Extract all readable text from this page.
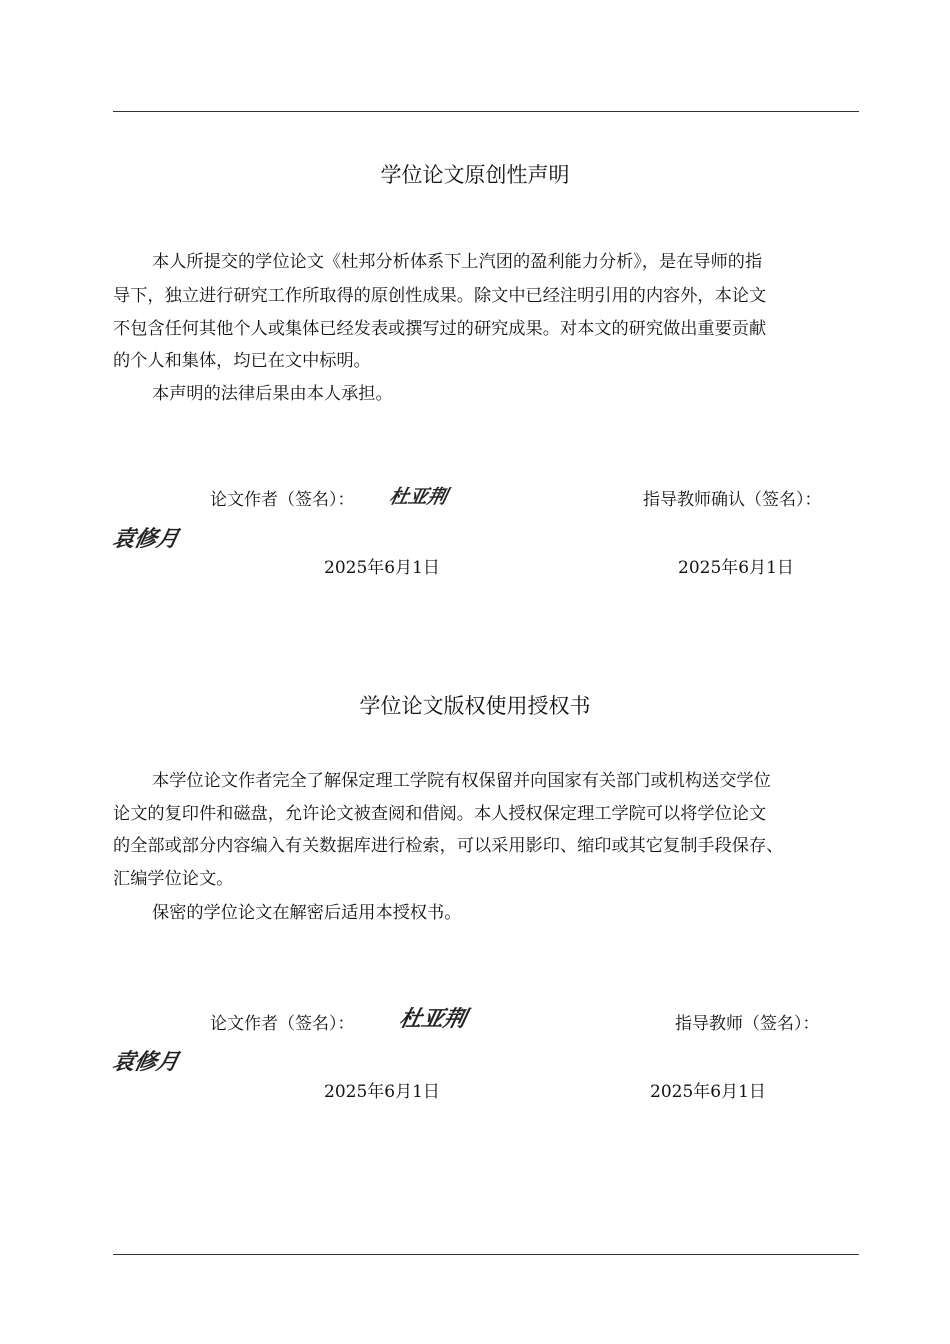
学位论文原创性声明
本人所提交的学位论文《杜邦分析体系下上汽团的盈利能力分析》，是在导师的指
导下，独立进行研究工作所取得的原创性成果。除文中已经注明引用的内容外，本论文
不包含任何其他个人或集体已经发表或撰写过的研究成果。对本文的研究做出重要贡献
的个人和集体，均已在文中标明。
本声明的法律后果由本人承担。
论文作者（签名）： 杜亚荆	指导教师确认（签名）：
袁修月
2025年6月1日	2025年6月1日
学位论文版权使用授权书
本学位论文作者完全了解保定理工学院有权保留并向国家有关部门或机构送交学位
论文的复印件和磁盘，允许论文被查阅和借阅。本人授权保定理工学院可以将学位论文
的全部或部分内容编入有关数据库进行检索，可以采用影印、缩印或其它复制手段保存、
汇编学位论文。
保密的学位论文在解密后适用本授权书。
论文作者（签名）： 杜亚荆	指导教师（签名）：
袁修月
2025年6月1日	2025年6月1日
